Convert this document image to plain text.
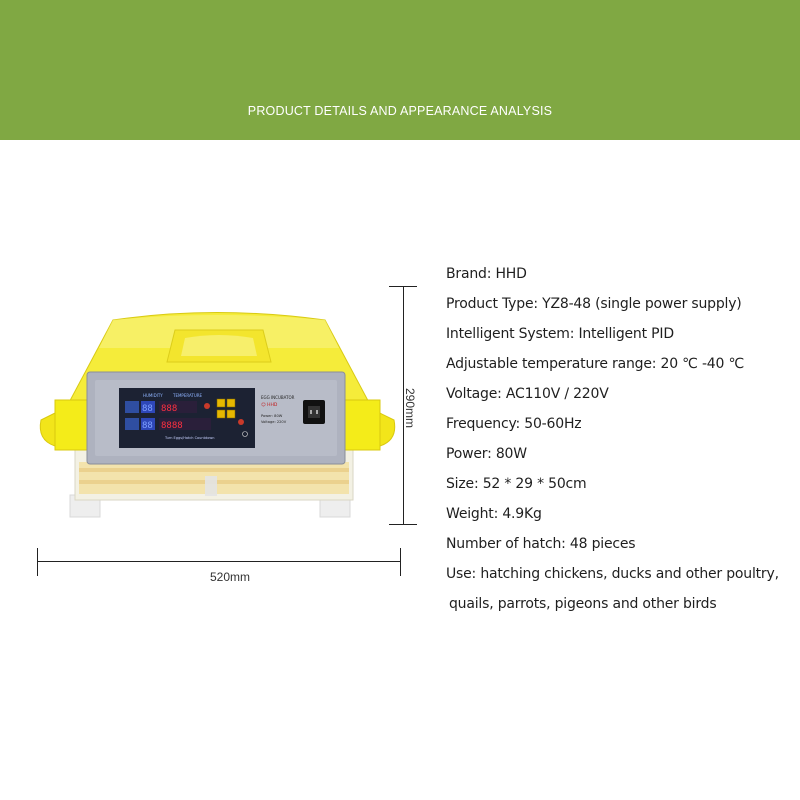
PRODUCT DETAILS AND APPEARANCE ANALYSIS
HUMIDITY	TEMPERATURE
88 888
88 8888
Turn Eggs/Hatch Countdown
EGG INCUBATOR
☺ HHD
Power: 80W
Voltage: 220V
520mm
290mm
Brand: HHD
Product Type: YZ8-48 (single power supply)
Intelligent System: Intelligent PID
Adjustable temperature range: 20 ℃ -40 ℃
Voltage: AC110V / 220V
Frequency: 50-60Hz
Power: 80W
Size: 52 * 29 * 50cm
Weight: 4.9Kg
Number of hatch: 48 pieces
Use: hatching chickens, ducks and other poultry,
quails, parrots, pigeons and other birds
